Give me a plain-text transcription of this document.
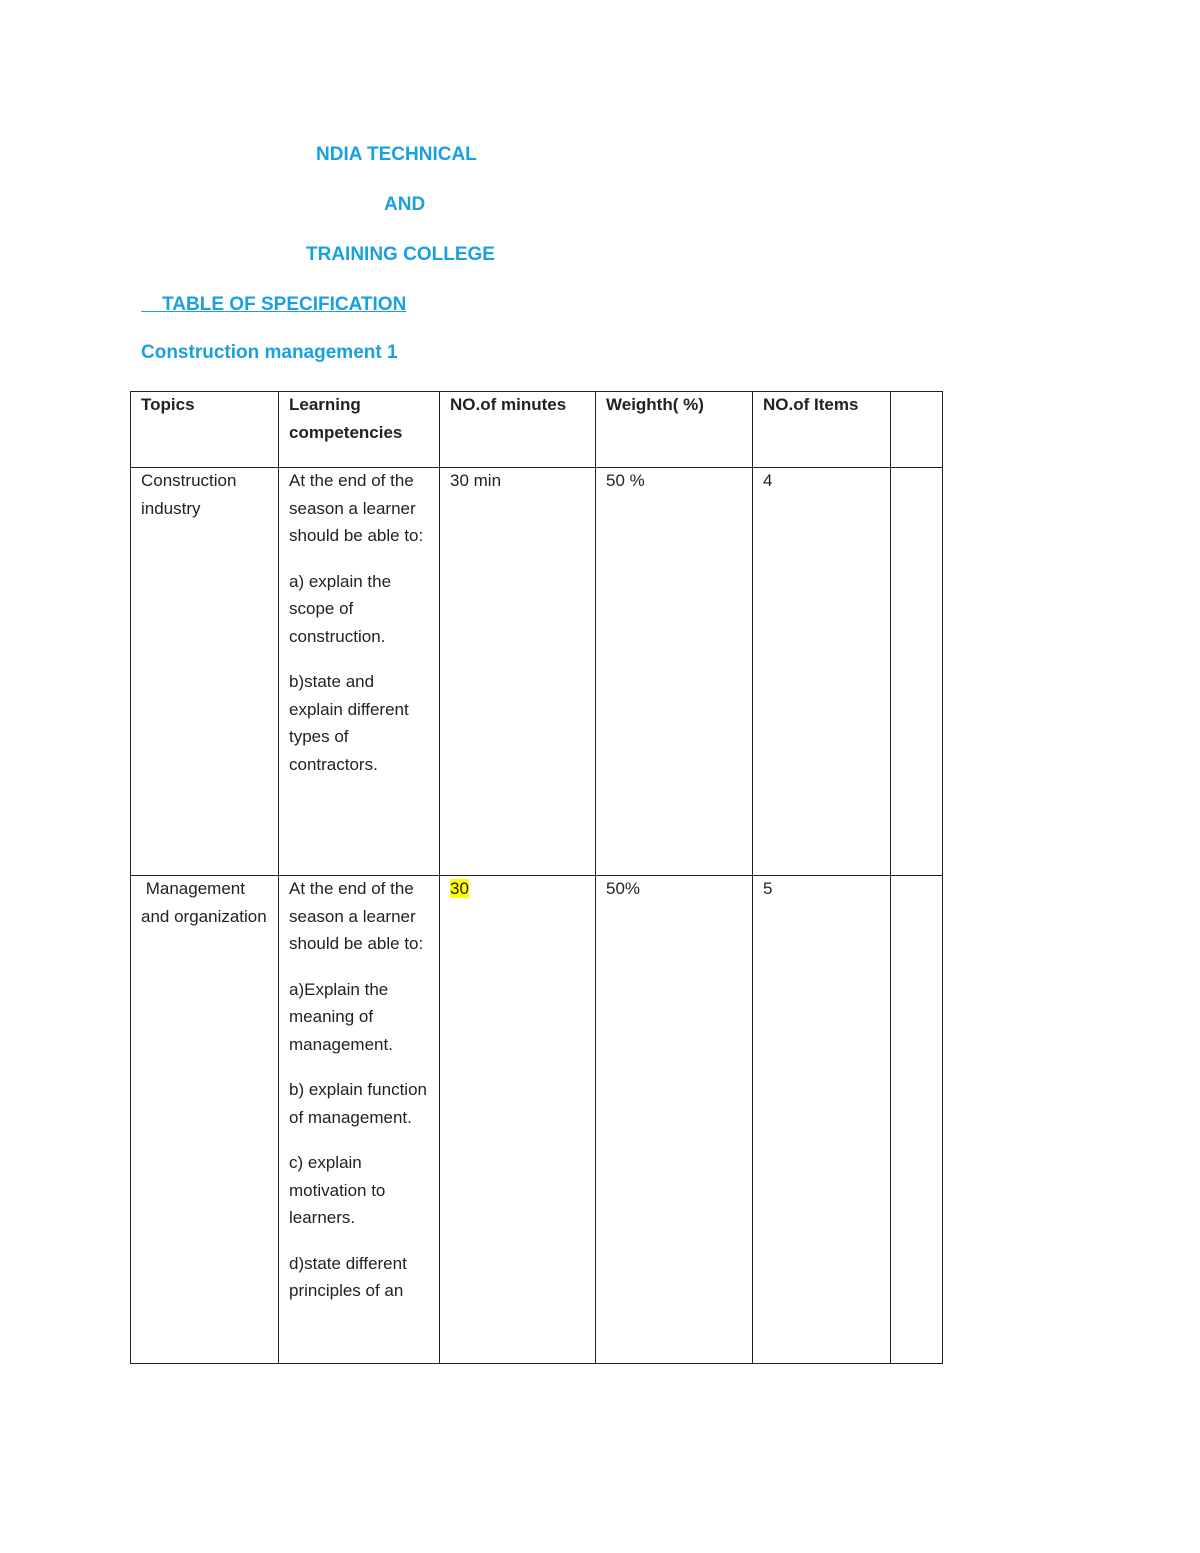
NDIA TECHNICAL
AND
TRAINING COLLEGE
TABLE OF SPECIFICATION
Construction management 1
Topics	Learning competencies	NO.of minutes	Weighth( %)	NO.of Items	

Construction industry	At the end of the season a learner should be able to:

a) explain the scope of construction.

b)state and explain different types of contractors.	30 min	50 %	4	

Management and organization	At the end of the season a learner should be able to:

a)Explain the meaning of management.

b) explain function of management.

c) explain motivation to learners.

d)state different principles of an	30	50%	5	
